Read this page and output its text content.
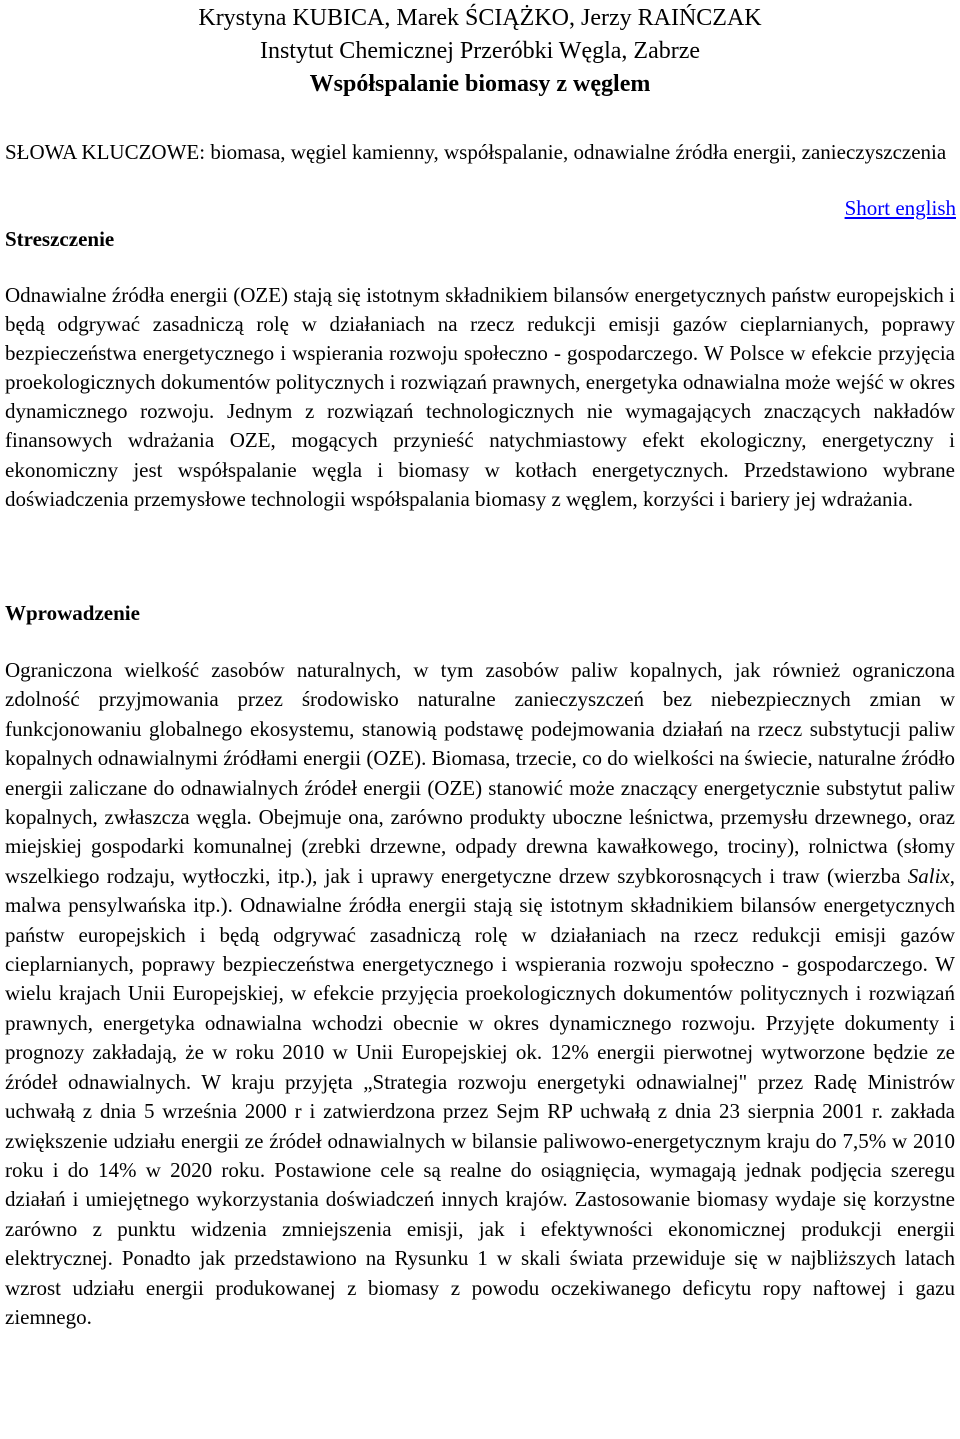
Krystyna KUBICA, Marek ŚCIĄŻKO, Jerzy RAIŃCZAK
Instytut Chemicznej Przeróbki Węgla, Zabrze
Współspalanie biomasy z węglem
SŁOWA KLUCZOWE: biomasa, węgiel kamienny, współspalanie, odnawialne źródła energii, zanieczyszczenia
Short english
Streszczenie
Odnawialne źródła energii (OZE) stają się istotnym składnikiem bilansów energetycznych państw europejskich i będą odgrywać zasadniczą rolę w działaniach na rzecz redukcji emisji gazów cieplarnianych, poprawy bezpieczeństwa energetycznego i wspierania rozwoju społeczno - gospodarczego. W Polsce w efekcie przyjęcia proekologicznych dokumentów politycznych i rozwiązań prawnych, energetyka odnawialna może wejść w okres dynamicznego rozwoju. Jednym z rozwiązań technologicznych nie wymagających znaczących nakładów finansowych wdrażania OZE, mogących przynieść natychmiastowy efekt ekologiczny, energetyczny i ekonomiczny jest współspalanie węgla i biomasy w kotłach energetycznych. Przedstawiono wybrane doświadczenia przemysłowe technologii współspalania biomasy z węglem, korzyści i bariery jej wdrażania.
Wprowadzenie
Ograniczona wielkość zasobów naturalnych, w tym zasobów paliw kopalnych, jak również ograniczona zdolność przyjmowania przez środowisko naturalne zanieczyszczeń bez niebezpiecznych zmian w funkcjonowaniu globalnego ekosystemu, stanowią podstawę podejmowania działań na rzecz substytucji paliw kopalnych odnawialnymi źródłami energii (OZE). Biomasa, trzecie, co do wielkości na świecie, naturalne źródło energii zaliczane do odnawialnych źródeł energii (OZE) stanowić może znaczący energetycznie substytut paliw kopalnych, zwłaszcza węgla. Obejmuje ona, zarówno produkty uboczne leśnictwa, przemysłu drzewnego, oraz miejskiej gospodarki komunalnej (zrebki drzewne, odpady drewna kawałkowego, trociny), rolnictwa (słomy wszelkiego rodzaju, wytłoczki, itp.), jak i uprawy energetyczne drzew szybkorosnących i traw (wierzba Salix, malwa pensylwańska itp.). Odnawialne źródła energii stają się istotnym składnikiem bilansów energetycznych państw europejskich i będą odgrywać zasadniczą rolę w działaniach na rzecz redukcji emisji gazów cieplarnianych, poprawy bezpieczeństwa energetycznego i wspierania rozwoju społeczno - gospodarczego. W wielu krajach Unii Europejskiej, w efekcie przyjęcia proekologicznych dokumentów politycznych i rozwiązań prawnych, energetyka odnawialna wchodzi obecnie w okres dynamicznego rozwoju. Przyjęte dokumenty i prognozy zakładają, że w roku 2010 w Unii Europejskiej ok. 12% energii pierwotnej wytworzone będzie ze źródeł odnawialnych. W kraju przyjęta „Strategia rozwoju energetyki odnawialnej" przez Radę Ministrów uchwałą z dnia 5 września 2000 r i zatwierdzona przez Sejm RP uchwałą z dnia 23 sierpnia 2001 r. zakłada zwiększenie udziału energii ze źródeł odnawialnych w bilansie paliwowo-energetycznym kraju do 7,5% w 2010 roku i do 14% w 2020 roku. Postawione cele są realne do osiągnięcia, wymagają jednak podjęcia szeregu działań i umiejętnego wykorzystania doświadczeń innych krajów. Zastosowanie biomasy wydaje się korzystne zarówno z punktu widzenia zmniejszenia emisji, jak i efektywności ekonomicznej produkcji energii elektrycznej. Ponadto jak przedstawiono na Rysunku 1 w skali świata przewiduje się w najbliższych latach wzrost udziału energii produkowanej z biomasy z powodu oczekiwanego deficytu ropy naftowej i gazu ziemnego.
